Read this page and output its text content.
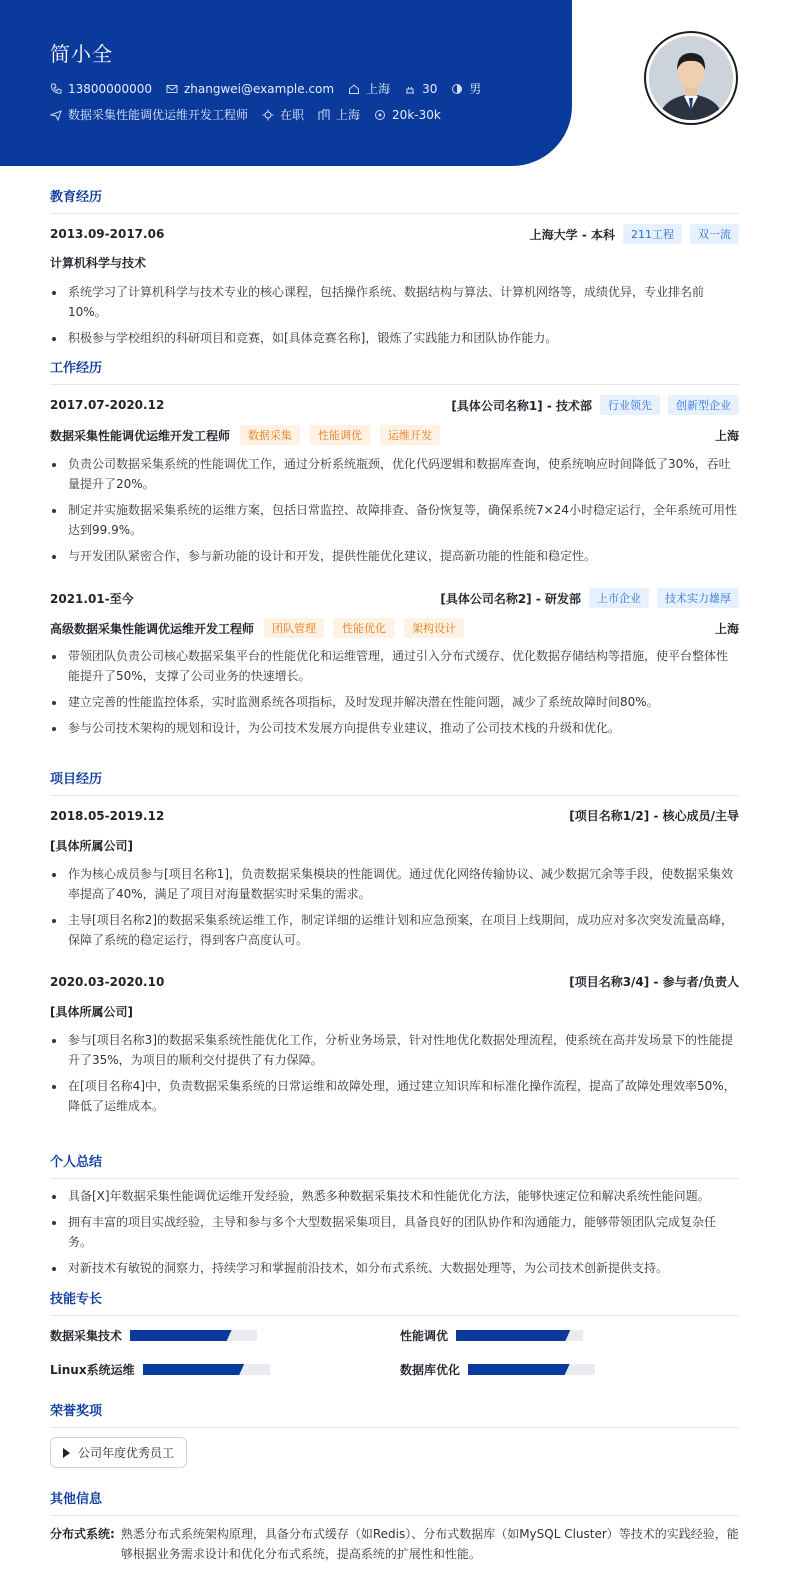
简小全
13800000000	zhangwei@example.com	上海	30	男
数据采集性能调优运维开发工程师	在职	上海	20k-30k
教育经历
2013.09-2017.06	上海大学 - 本科	211工程	双一流
计算机科学与技术
系统学习了计算机科学与技术专业的核心课程，包括操作系统、数据结构与算法、计算机网络等，成绩优异，专业排名前10%。
积极参与学校组织的科研项目和竞赛，如[具体竞赛名称]，锻炼了实践能力和团队协作能力。
工作经历
2017.07-2020.12	[具体公司名称1] - 技术部	行业领先	创新型企业
数据采集性能调优运维开发工程师	数据采集	性能调优	运维开发	上海
负责公司数据采集系统的性能调优工作，通过分析系统瓶颈，优化代码逻辑和数据库查询，使系统响应时间降低了30%，吞吐量提升了20%。
制定并实施数据采集系统的运维方案，包括日常监控、故障排查、备份恢复等，确保系统7×24小时稳定运行，全年系统可用性达到99.9%。
与开发团队紧密合作，参与新功能的设计和开发，提供性能优化建议，提高新功能的性能和稳定性。
2021.01-至今	[具体公司名称2] - 研发部	上市企业	技术实力雄厚
高级数据采集性能调优运维开发工程师	团队管理	性能优化	架构设计	上海
带领团队负责公司核心数据采集平台的性能优化和运维管理，通过引入分布式缓存、优化数据存储结构等措施，使平台整体性能提升了50%，支撑了公司业务的快速增长。
建立完善的性能监控体系，实时监测系统各项指标，及时发现并解决潜在性能问题，减少了系统故障时间80%。
参与公司技术架构的规划和设计，为公司技术发展方向提供专业建议，推动了公司技术栈的升级和优化。
项目经历
2018.05-2019.12	[项目名称1/2] - 核心成员/主导
[具体所属公司]
作为核心成员参与[项目名称1]，负责数据采集模块的性能调优。通过优化网络传输协议、减少数据冗余等手段，使数据采集效率提高了40%，满足了项目对海量数据实时采集的需求。
主导[项目名称2]的数据采集系统运维工作，制定详细的运维计划和应急预案，在项目上线期间，成功应对多次突发流量高峰，保障了系统的稳定运行，得到客户高度认可。
2020.03-2020.10	[项目名称3/4] - 参与者/负责人
[具体所属公司]
参与[项目名称3]的数据采集系统性能优化工作，分析业务场景，针对性地优化数据处理流程，使系统在高并发场景下的性能提升了35%，为项目的顺利交付提供了有力保障。
在[项目名称4]中，负责数据采集系统的日常运维和故障处理，通过建立知识库和标准化操作流程，提高了故障处理效率50%，降低了运维成本。
个人总结
具备[X]年数据采集性能调优运维开发经验，熟悉多种数据采集技术和性能优化方法，能够快速定位和解决系统性能问题。
拥有丰富的项目实战经验，主导和参与多个大型数据采集项目，具备良好的团队协作和沟通能力，能够带领团队完成复杂任务。
对新技术有敏锐的洞察力，持续学习和掌握前沿技术，如分布式系统、大数据处理等，为公司技术创新提供支持。
技能专长
数据采集技术	性能调优
Linux系统运维	数据库优化
荣誉奖项
公司年度优秀员工
其他信息
分布式系统: 熟悉分布式系统架构原理，具备分布式缓存（如Redis）、分布式数据库（如MySQL Cluster）等技术的实践经验，能够根据业务需求设计和优化分布式系统，提高系统的扩展性和性能。
